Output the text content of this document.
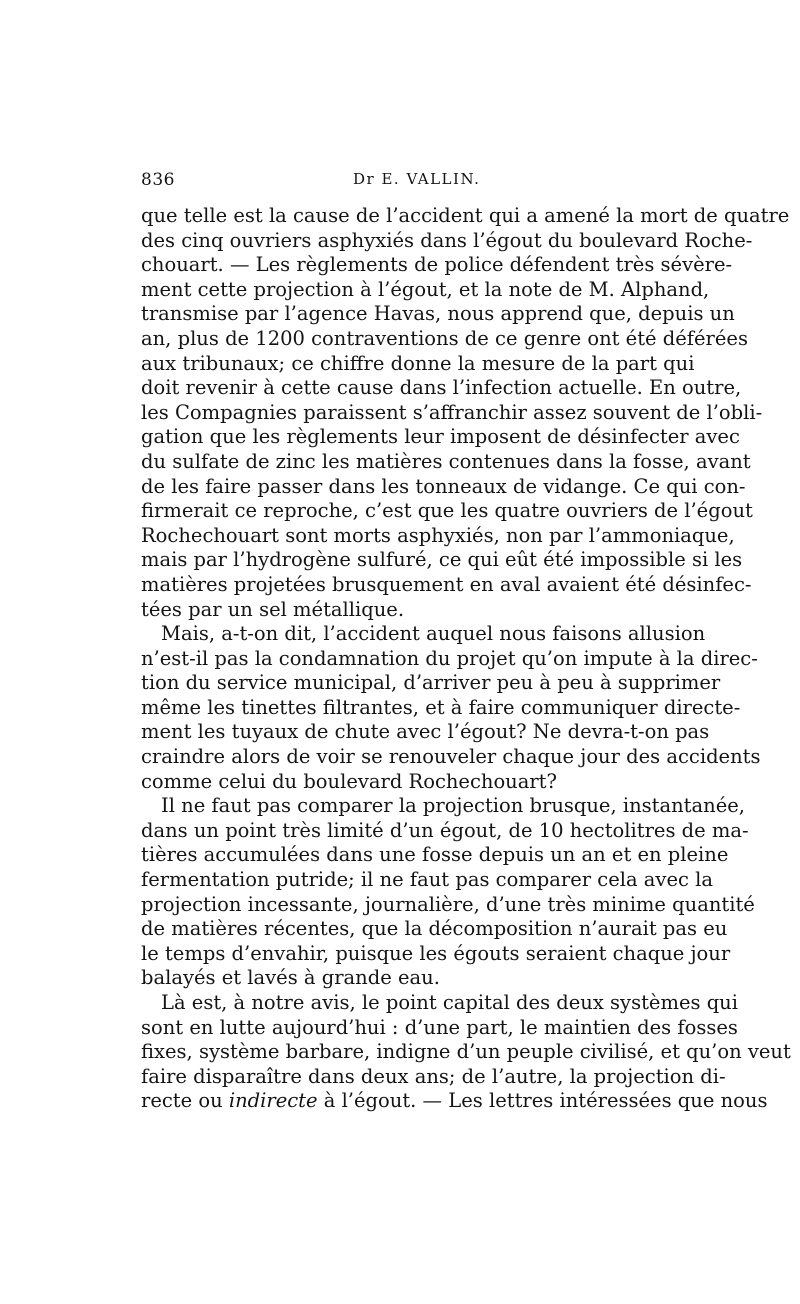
836	Dr E. VALLIN.
que telle est la cause de l’accident qui a amené la mort de quatre
des cinq ouvriers asphyxiés dans l’égout du boulevard Roche-
chouart. — Les règlements de police défendent très sévère-
ment cette projection à l’égout, et la note de M. Alphand,
transmise par l’agence Havas, nous apprend que, depuis un
an, plus de 1200 contraventions de ce genre ont été déférées
aux tribunaux; ce chiffre donne la mesure de la part qui
doit revenir à cette cause dans l’infection actuelle. En outre,
les Compagnies paraissent s’affranchir assez souvent de l’obli-
gation que les règlements leur imposent de désinfecter avec
du sulfate de zinc les matières contenues dans la fosse, avant
de les faire passer dans les tonneaux de vidange. Ce qui con-
firmerait ce reproche, c’est que les quatre ouvriers de l’égout
Rochechouart sont morts asphyxiés, non par l’ammoniaque,
mais par l’hydrogène sulfuré, ce qui eût été impossible si les
matières projetées brusquement en aval avaient été désinfec-
tées par un sel métallique.
Mais, a-t-on dit, l’accident auquel nous faisons allusion
n’est-il pas la condamnation du projet qu’on impute à la direc-
tion du service municipal, d’arriver peu à peu à supprimer
même les tinettes filtrantes, et à faire communiquer directe-
ment les tuyaux de chute avec l’égout? Ne devra-t-on pas
craindre alors de voir se renouveler chaque jour des accidents
comme celui du boulevard Rochechouart?
Il ne faut pas comparer la projection brusque, instantanée,
dans un point très limité d’un égout, de 10 hectolitres de ma-
tières accumulées dans une fosse depuis un an et en pleine
fermentation putride; il ne faut pas comparer cela avec la
projection incessante, journalière, d’une très minime quantité
de matières récentes, que la décomposition n’aurait pas eu
le temps d’envahir, puisque les égouts seraient chaque jour
balayés et lavés à grande eau.
Là est, à notre avis, le point capital des deux systèmes qui
sont en lutte aujourd’hui : d’une part, le maintien des fosses
fixes, système barbare, indigne d’un peuple civilisé, et qu’on veut
faire disparaître dans deux ans; de l’autre, la projection di-
recte ou indirecte à l’égout. — Les lettres intéressées que nous
